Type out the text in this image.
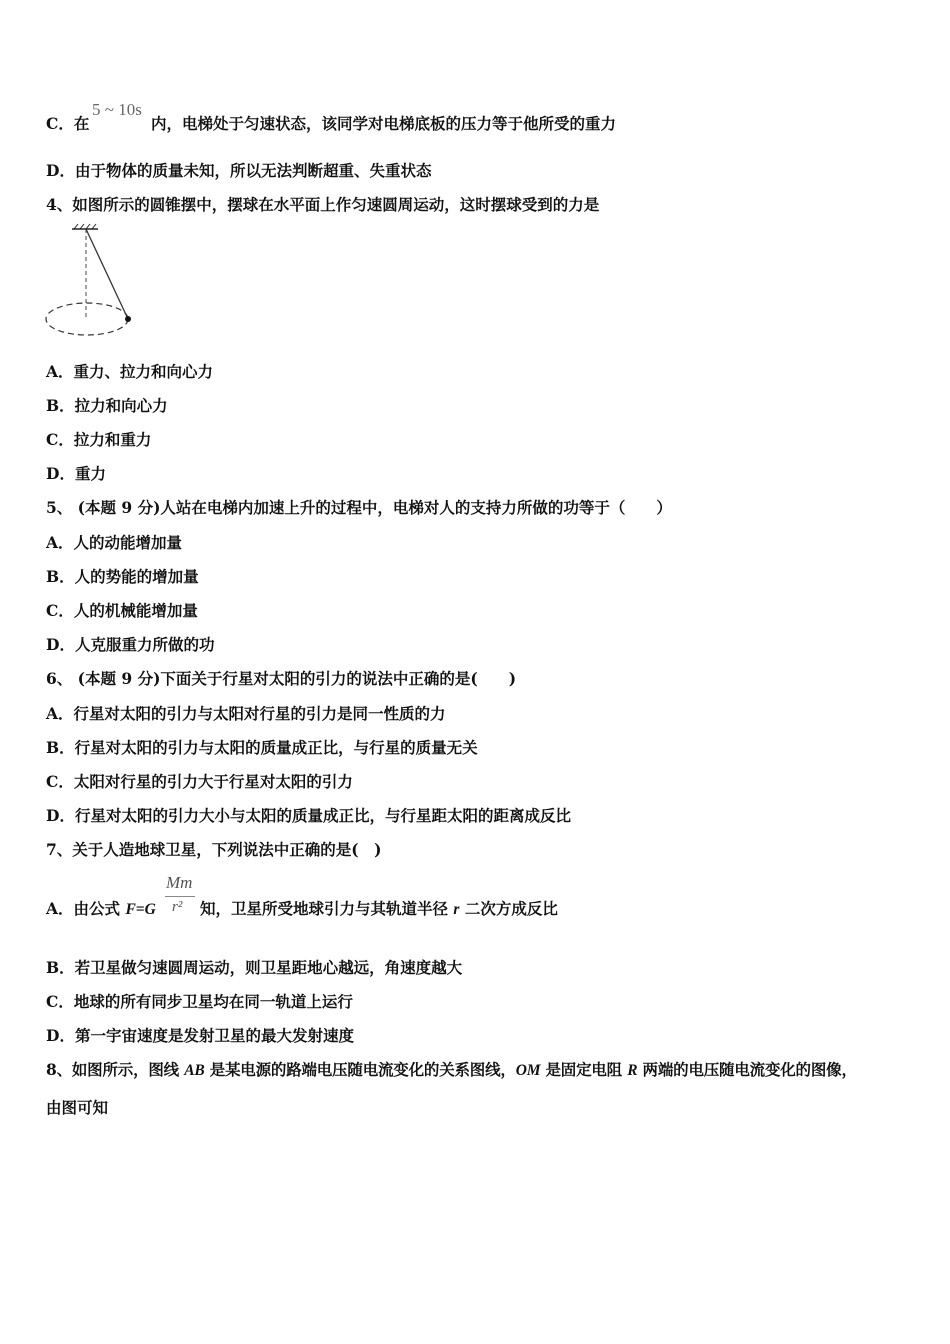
C．在
5 ~ 10s
内，电梯处于匀速状态，该同学对电梯底板的压力等于他所受的重力
D．由于物体的质量未知，所以无法判断超重、失重状态
4、如图所示的圆锥摆中，摆球在水平面上作匀速圆周运动，这时摆球受到的力是
A．重力、拉力和向心力
B．拉力和向心力
C．拉力和重力
D．重力
5、 (本题 9 分)人站在电梯内加速上升的过程中，电梯对人的支持力所做的功等于（　　）
A．人的动能增加量
B．人的势能的增加量
C．人的机械能增加量
D．人克服重力所做的功
6、 (本题 9 分)下面关于行星对太阳的引力的说法中正确的是(　　)
A．行星对太阳的引力与太阳对行星的引力是同一性质的力
B．行星对太阳的引力与太阳的质量成正比，与行星的质量无关
C．太阳对行星的引力大于行星对太阳的引力
D．行星对太阳的引力大小与太阳的质量成正比，与行星距太阳的距离成反比
7、关于人造地球卫星，下列说法中正确的是(　)
A．由公式 F=G
Mm
r² 知，卫星所受地球引力与其轨道半径 r 二次方成反比
B．若卫星做匀速圆周运动，则卫星距地心越远，角速度越大
C．地球的所有同步卫星均在同一轨道上运行
D．第一宇宙速度是发射卫星的最大发射速度
8、如图所示，图线 AB 是某电源的路端电压随电流变化的关系图线，OM 是固定电阻 R 两端的电压随电流变化的图像，
由图可知
